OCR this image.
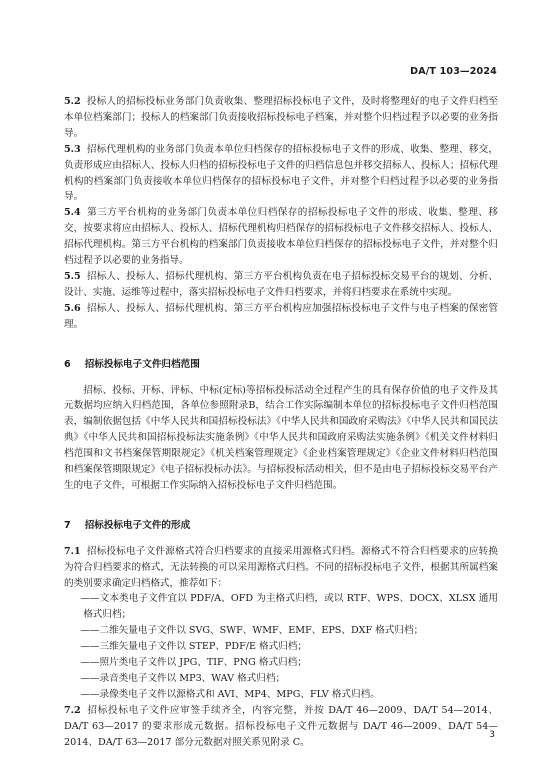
DA/T 103—2024

5.2 投标人的招标投标业务部门负责收集、整理招标投标电子文件，及时将整理好的电子文件归档至本单位档案部门；投标人的档案部门负责接收招标投标电子档案，并对整个归档过程予以必要的业务指导。

5.3 招标代理机构的业务部门负责本单位归档保存的招标投标电子文件的形成、收集、整理、移交，负责形成应由招标人、投标人归档的招标投标电子文件的归档信息包并移交招标人、投标人；招标代理机构的档案部门负责接收本单位归档保存的招标投标电子文件，并对整个归档过程予以必要的业务指导。

5.4 第三方平台机构的业务部门负责本单位归档保存的招标投标电子文件的形成、收集、整理、移交，按要求将应由招标人、投标人、招标代理机构归档保存的招标投标电子文件移交招标人、投标人、招标代理机构。第三方平台机构的档案部门负责接收本单位归档保存的招标投标电子文件，并对整个归档过程予以必要的业务指导。

5.5 招标人、投标人、招标代理机构、第三方平台机构负责在电子招标投标交易平台的规划、分析、设计、实施、运维等过程中，落实招标投标电子文件归档要求，并将归档要求在系统中实现。

5.6 招标人、投标人、招标代理机构、第三方平台机构应加强招标投标电子文件与电子档案的保密管理。

6 招标投标电子文件归档范围

招标、投标、开标、评标、中标(定标)等招标投标活动全过程产生的具有保存价值的电子文件及其元数据均应纳入归档范围，各单位参照附录B，结合工作实际编制本单位的招标投标电子文件归档范围表，编制依据包括《中华人民共和国招标投标法》《中华人民共和国政府采购法》《中华人民共和国民法典》《中华人民共和国招标投标法实施条例》《中华人民共和国政府采购法实施条例》《机关文件材料归档范围和文书档案保管期限规定》《机关档案管理规定》《企业档案管理规定》《企业文件材料归档范围和档案保管期限规定》《电子招标投标办法》。与招标投标活动相关，但不是由电子招标投标交易平台产生的电子文件，可根据工作实际纳入招标投标电子文件归档范围。

7 招标投标电子文件的形成

7.1 招标投标电子文件源格式符合归档要求的直接采用源格式归档。源格式不符合归档要求的应转换为符合归档要求的格式，无法转换的可以采用源格式归档。不同的招标投标电子文件，根据其所属档案的类别要求确定归档格式，推荐如下：

——文本类电子文件宜以 PDF/A、OFD 为主格式归档，或以 RTF、WPS、DOCX、XLSX 通用格式归档；

——二维矢量电子文件以 SVG、SWF、WMF、EMF、EPS、DXF 格式归档；

——三维矢量电子文件以 STEP、PDF/E 格式归档；

——照片类电子文件以 JPG、TIF、PNG 格式归档；

——录音类电子文件以 MP3、WAV 格式归档；

——录像类电子文件以源格式和 AVI、MP4、MPG、FLV 格式归档。

7.2 招标投标电子文件应审签手续齐全，内容完整，并按 DA/T 46—2009、DA/T 54—2014、DA/T 63—2017 的要求形成元数据。招标投标电子文件元数据与 DA/T 46—2009、DA/T 54—2014、DA/T 63—2017 部分元数据对照关系见附录 C。

3
